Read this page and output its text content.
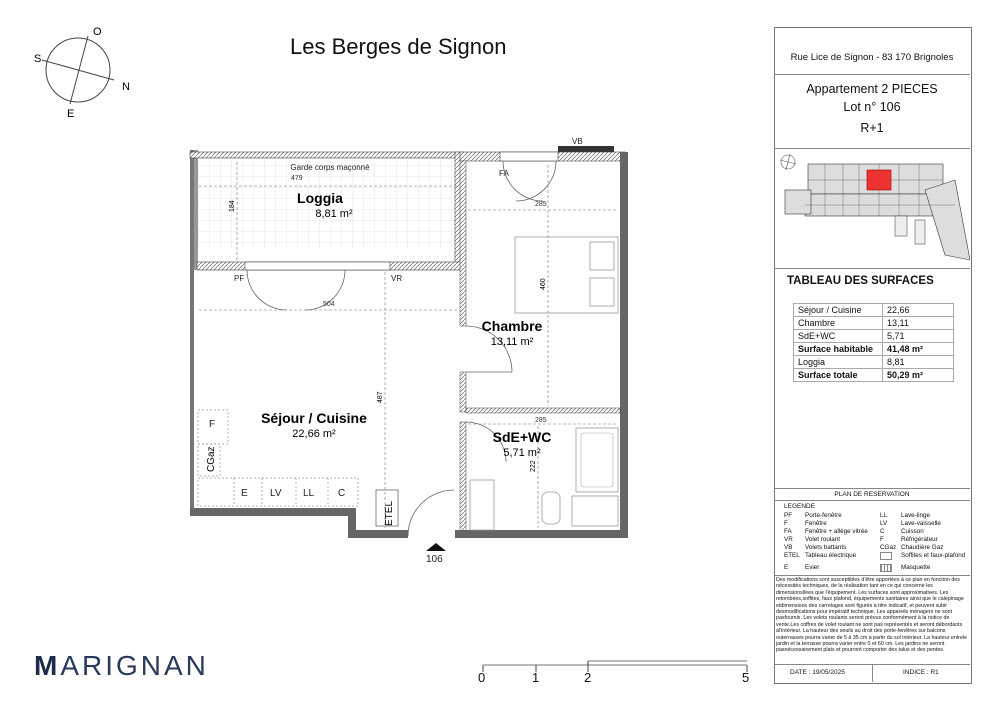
Les Berges de Signon
O
N
E
S
Loggia
8,81 m²
Chambre
13,11 m²
Séjour / Cuisine
22,66 m²	SdE+WC
5,71 m²
Garde corps maçonné
VB
FA
PF	VR
F
E LV LL C
106
CGaz
ETEL
479
285
504
285
184
460
487
222
0	1	2	5
MARIGNAN
Rue Lice de Signon - 83 170 Brignoles
Appartement 2 PIECES
Lot n° 106
R+1
TABLEAU DES SURFACES
Séjour / Cuisine	22,66
Chambre	13,11
SdE+WC	5,71
Surface habitable	41,48 m²
Loggia	8,81
Surface totale	50,29 m²
PLAN DE RESERVATION
LEGENDE
PF	Porte-fenêtre	LL	Lave-linge
F	Fenêtre	LV	Lave-vaisselle
FA	Fenêtre + allège vitrée	C	Cuisson
VR	Volet roulant	F	Réfrigérateur
VB	Volets battants	CGaz Chaudière Gaz
ETEL Tableau électrique	Soffites et faux-plafond
E	Evier	Masquette
Des modifications sont susceptibles d'être apportées à ce plan en fonction des nécessités techniques, de la réalisation tant en ce qui concerne les dimensionsllées que l'équipement. Les surfaces sont approximatives. Les retombées,soffites, faux plafond, équipements sanitaires ainsi que le calepinage etdimensions des carrelages sont figurés à titre indicatif, et peuvent subir desmodifications pour impératif technique. Les appareils ménagers ne sont pasfournis. Les volets roulants seront prévus conformément à la notice de vente.Les coffres de volet roulant ne sont pas représentés et seront débordants àl'intérieur. La hauteur des seuils au droit des porte-fenêtres sur balcons outerrasses pourra varier de 5 à 35 cm à partir du sol intérieur. La hauteur entrele jardin et la terrasse pourra varier entre 0 et 60 cm. Les jardins ne seront pasnécessairement plats et pourront comporter des talus et des pentes.
DATE : 19/05/2025	INDICE : R1
